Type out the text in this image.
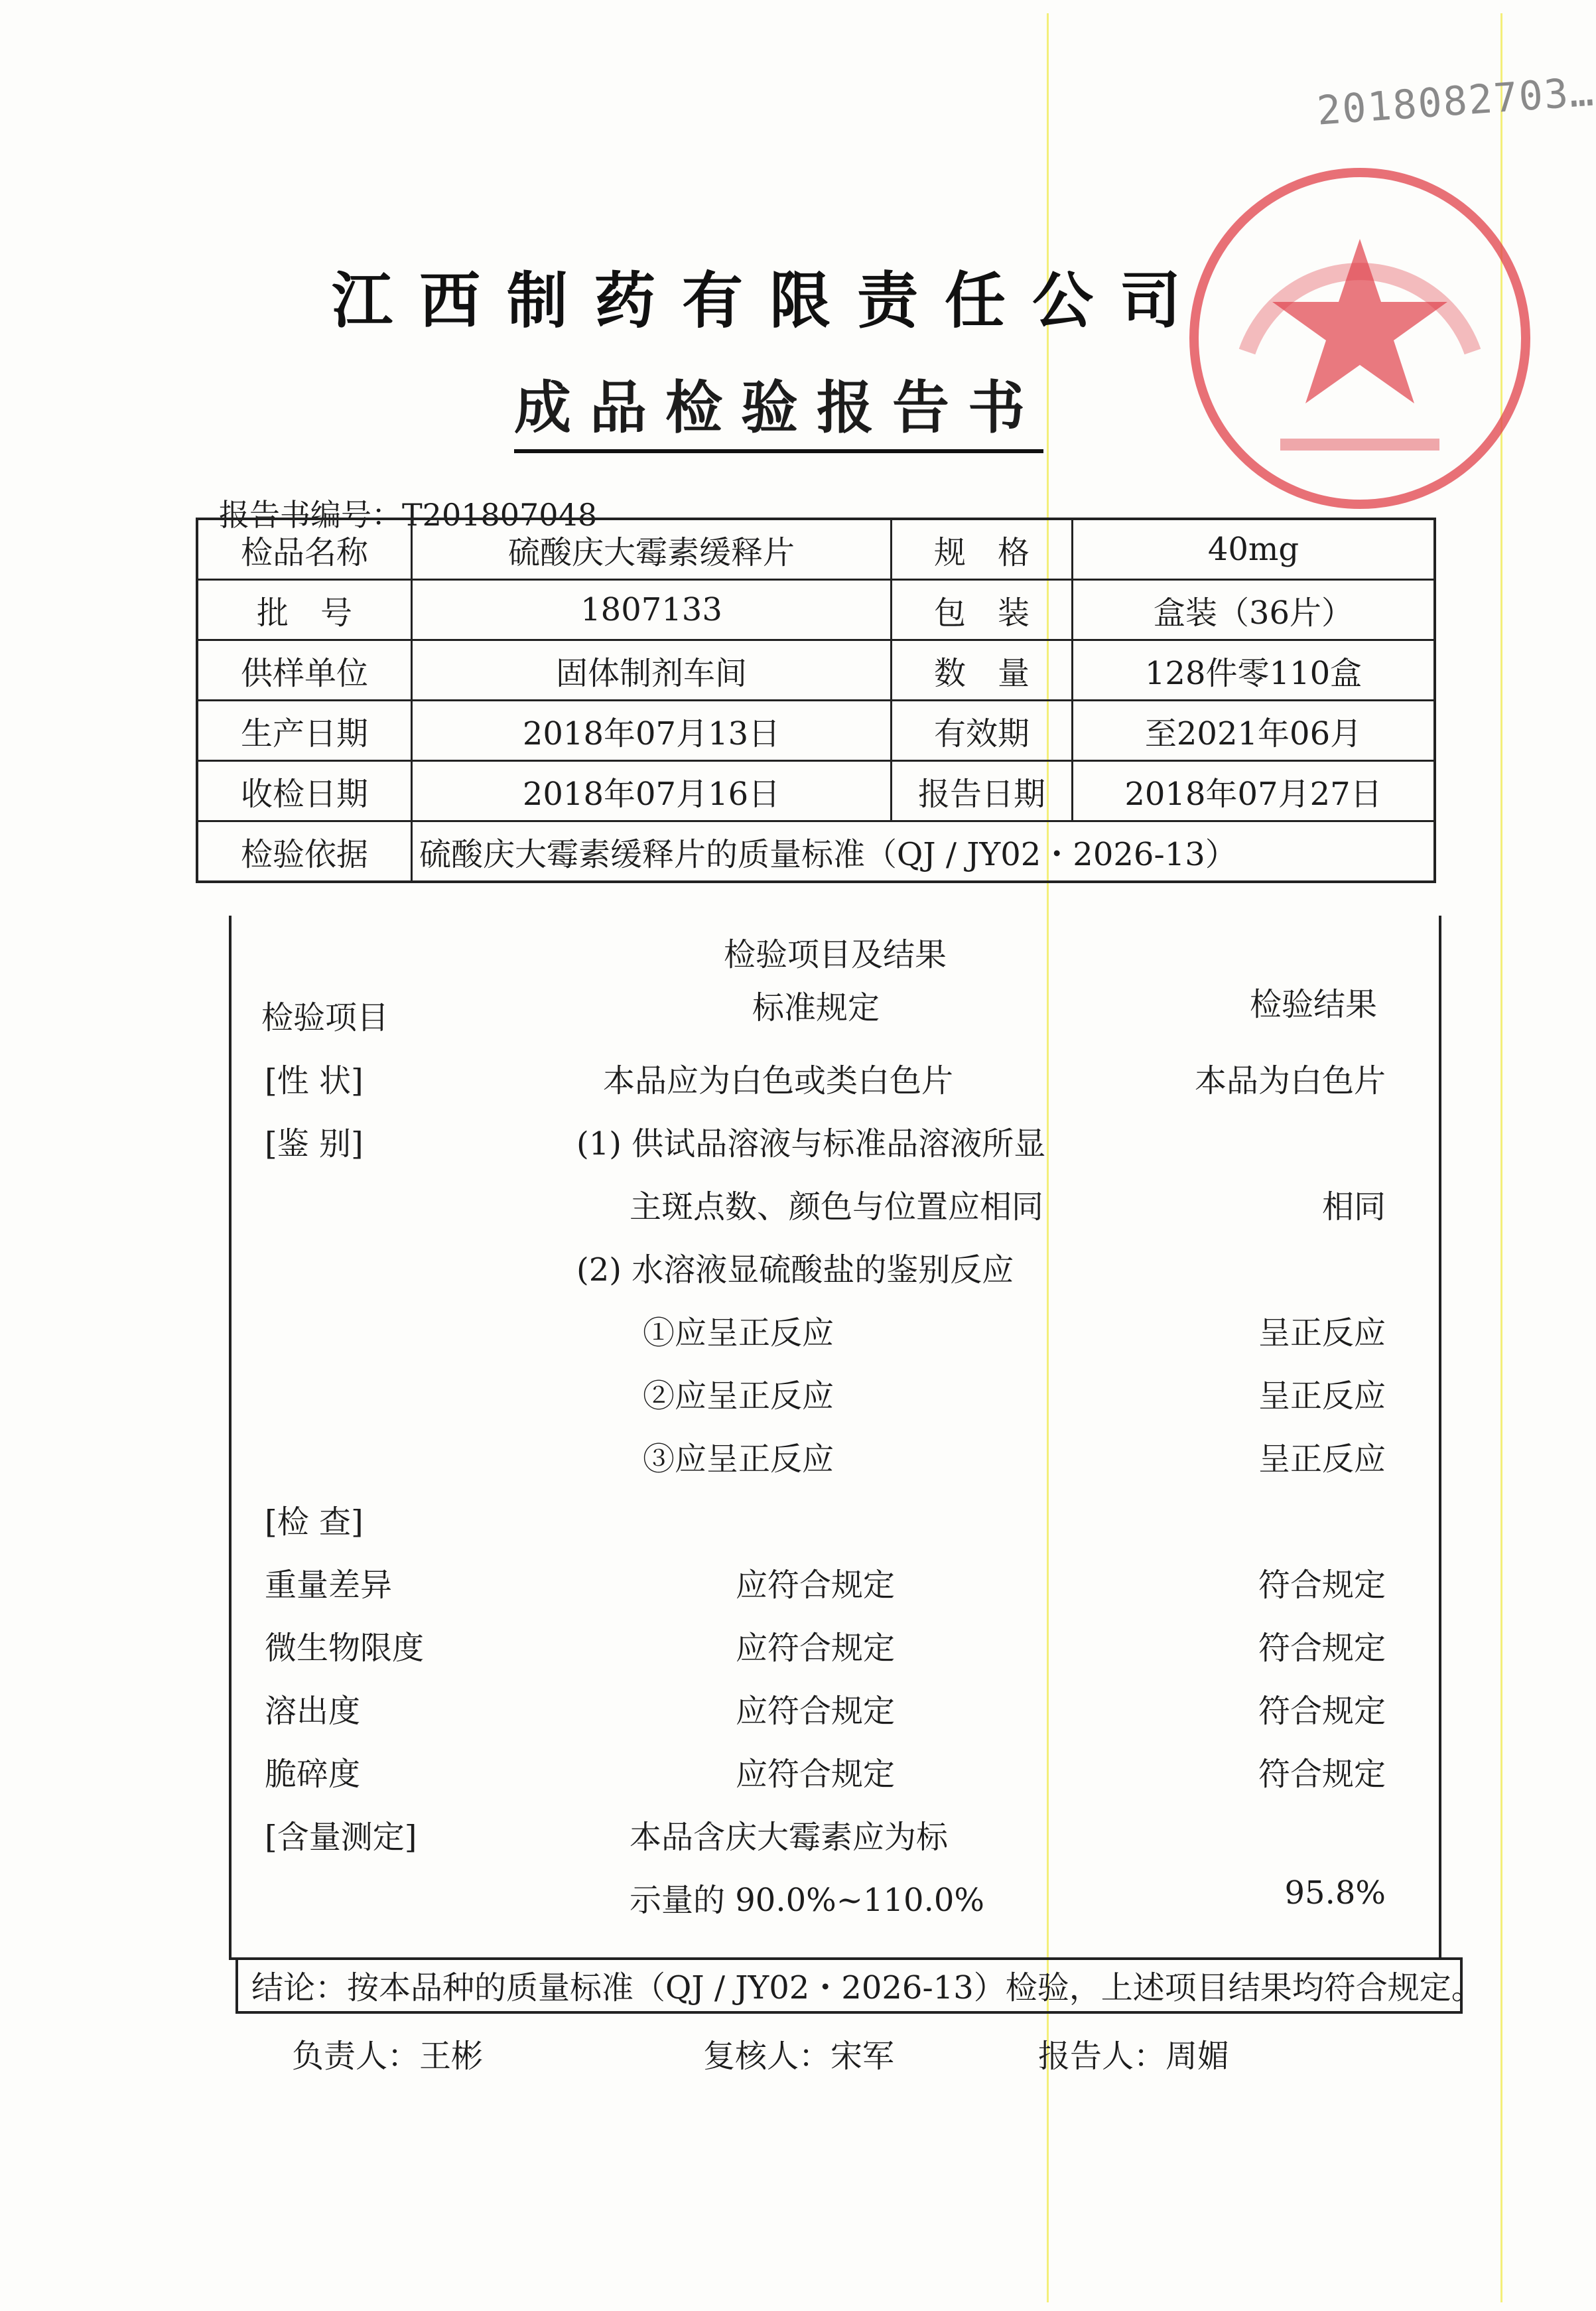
2018082703…
江西制药有限责任公司
成品检验报告书
报告书编号：T201807048
检品名称	硫酸庆大霉素缓释片	规　格	40mg
批　号	1807133	包　装	盒装（36片）
供样单位	固体制剂车间	数　量	128件零110盒
生产日期	2018年07月13日	有效期	至2021年06月
收检日期	2018年07月16日	报告日期	2018年07月27日
检验依据	硫酸庆大霉素缓释片的质量标准（QJ / JY02・2026-13）		
检验项目及结果
检验项目	标准规定	检验结果
[性 状]	本品应为白色或类白色片	本品为白色片
[鉴 别]	(1) 供试品溶液与标准品溶液所显
主斑点数、颜色与位置应相同	相同
(2) 水溶液显硫酸盐的鉴别反应
①应呈正反应	呈正反应
②应呈正反应	呈正反应
③应呈正反应	呈正反应
[检 查]
重量差异	应符合规定	符合规定
微生物限度	应符合规定	符合规定
溶出度	应符合规定	符合规定
脆碎度	应符合规定	符合规定
[含量测定]	本品含庆大霉素应为标
示量的 90.0%~110.0%	95.8%
结论：按本品种的质量标准（QJ / JY02・2026-13）检验，上述项目结果均符合规定。
负责人：王彬	复核人：宋军	报告人：周媚
